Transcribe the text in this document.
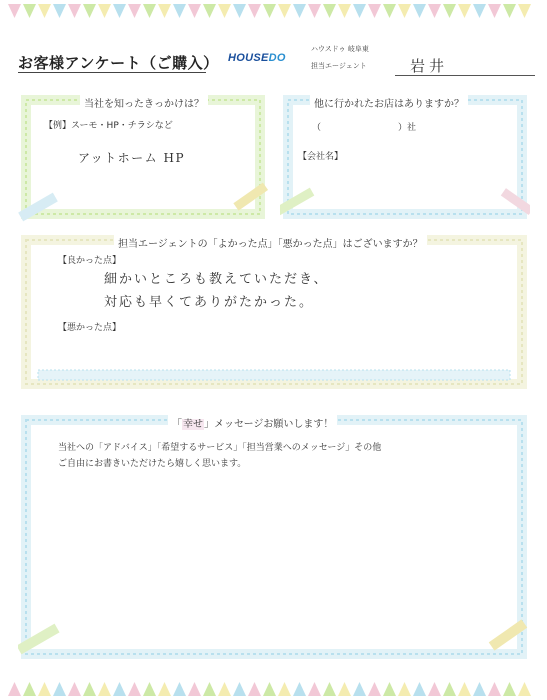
お客様アンケート（ご購入） HOUSEDO
ハウスドゥ 岐阜東
担当エージェント	岩井
当社を知ったきっかけは？
【例】スーモ・HP・チラシなど
アットホーム HP
他に行かれたお店はありますか？
（	）社
【会社名】
担当エージェントの「よかった点」「悪かった点」はございますか？
【良かった点】
細かいところも教えていただき、
対応も早くてありがたかった。
【悪かった点】
「幸せ」メッセージお願いします！
当社への「アドバイス」「希望するサービス」「担当営業へのメッセージ」その他
ご自由にお書きいただけたら嬉しく思います。
